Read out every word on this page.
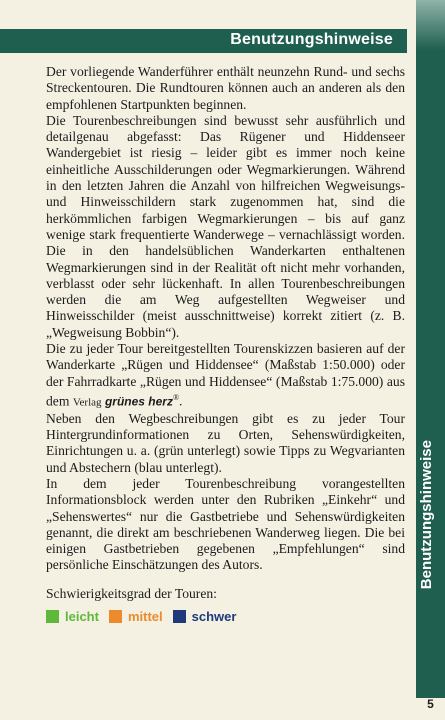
Benutzungshinweise
5
Benutzungshinweise

Der vorliegende Wanderführer enthält neunzehn Rund- und sechs Streckentouren. Die Rundtouren können auch an anderen als den empfohlenen Startpunkten beginnen.

Die Tourenbeschreibungen sind bewusst sehr ausführlich und detailgenau abgefasst: Das Rügener und Hiddenseer Wandergebiet ist riesig – leider gibt es immer noch keine einheitliche Ausschilderungen oder Wegmarkierungen. Während in den letzten Jahren die Anzahl von hilfreichen Wegweisungs- und Hinweisschildern stark zugenommen hat, sind die herkömmlichen farbigen Wegmarkierungen – bis auf ganz wenige stark frequentierte Wanderwege – vernachlässigt worden. Die in den handelsüblichen Wanderkarten enthaltenen Wegmarkierungen sind in der Realität oft nicht mehr vorhanden, verblasst oder sehr lückenhaft. In allen Tourenbeschreibungen werden die am Weg aufgestellten Wegweiser und Hinweisschilder (meist ausschnittweise) korrekt zitiert (z. B. „Wegweisung Bobbin“).

Die zu jeder Tour bereitgestellten Tourenskizzen basieren auf der Wanderkarte „Rügen und Hiddensee“ (Maßstab 1:50.000) oder der Fahrradkarte „Rügen und Hiddensee“ (Maßstab 1:75.000) aus dem Verlag grünes herz®.

Neben den Wegbeschreibungen gibt es zu jeder Tour Hintergrundinformationen zu Orten, Sehenswürdigkeiten, Einrichtungen u. a. (grün unterlegt) sowie Tipps zu Wegvarianten und Abstechern (blau unterlegt).

In dem jeder Tourenbeschreibung vorangestellten Informationsblock werden unter den Rubriken „Einkehr“ und „Sehenswertes“ nur die Gastbetriebe und Sehenswürdigkeiten genannt, die direkt am beschriebenen Wanderweg liegen. Die bei einigen Gastbetrieben gegebenen „Empfehlungen“ sind persönliche Einschätzungen des Autors.

Schwierigkeitsgrad der Touren:
leicht mittel schwer
